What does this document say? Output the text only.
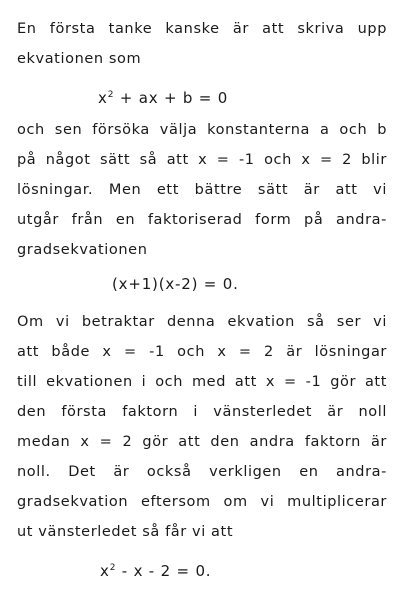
En första tanke kanske är att skriva upp
ekvationen som
$x^2$ + ax + b = 0
och sen försöka välja konstanterna a och b
på något sätt så att x = -1 och x = 2 blir
lösningar. Men ett bättre sätt är att vi
utgår från en faktoriserad form på andra-
gradsekvationen
(x+1)(x-2) = 0.
Om vi betraktar denna ekvation så ser vi
att både x = -1 och x = 2 är lösningar
till ekvationen i och med att x = -1 gör att
den första faktorn i vänsterledet är noll
medan x = 2 gör att den andra faktorn är
noll. Det är också verkligen en andra-
gradsekvation eftersom om vi multiplicerar
ut vänsterledet så får vi att
$x^2 - x - 2 = 0$.
